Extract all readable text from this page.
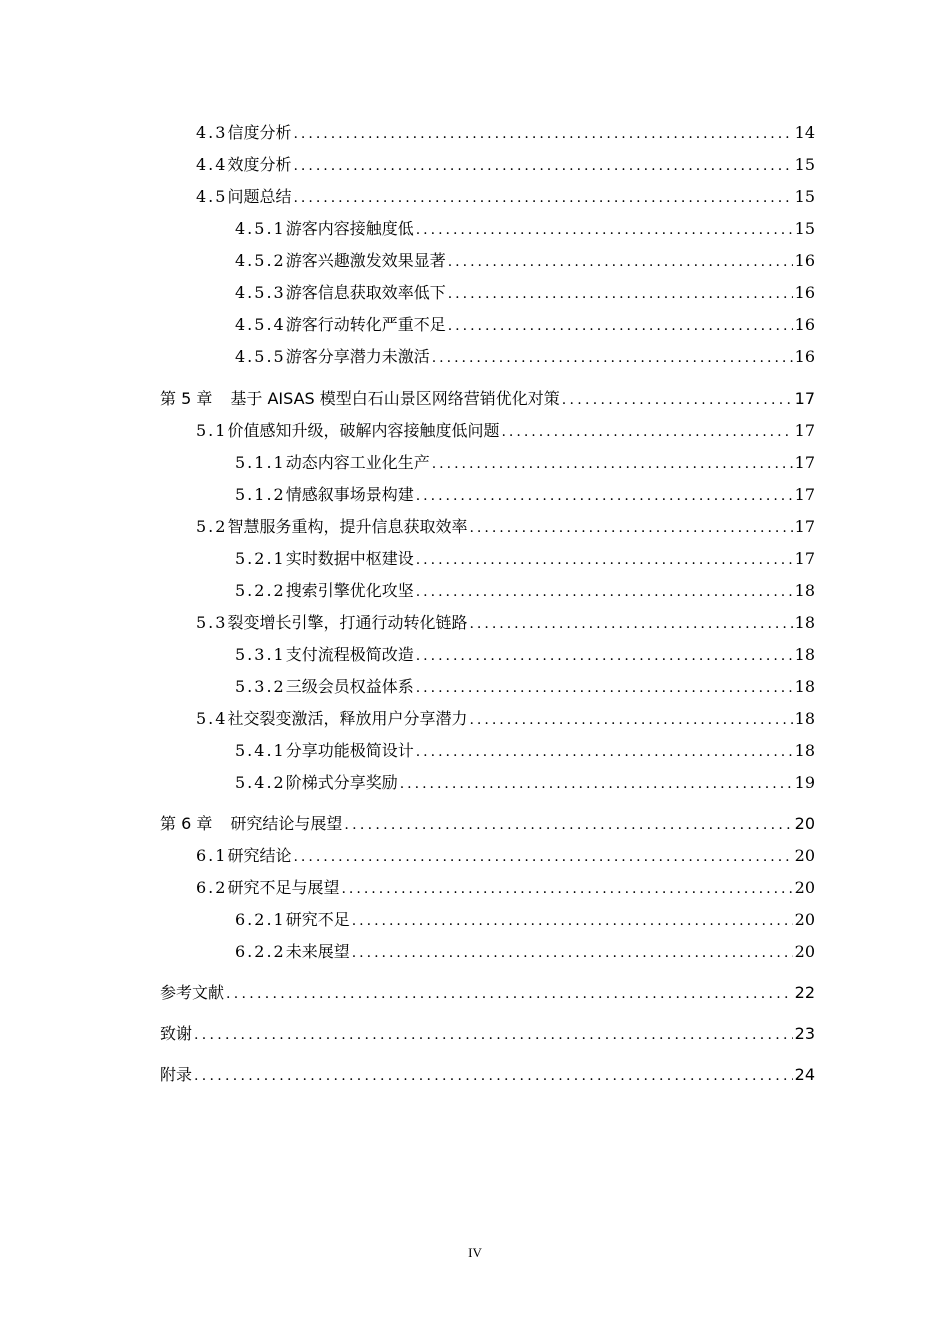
4.3 信度分析 .....	14
4.4 效度分析 .....	15
4.5 问题总结 .....	15
4.5.1 游客内容接触度低 .....	15
4.5.2 游客兴趣激发效果显著 .....	16
4.5.3 游客信息获取效率低下 .....	16
4.5.4 游客行动转化严重不足 .....	16
4.5.5 游客分享潜力未激活 .....	16
第 5 章 基于 AISAS 模型白石山景区网络营销优化对策 .....	17
5.1 价值感知升级，破解内容接触度低问题 .....	17
5.1.1 动态内容工业化生产 .....	17
5.1.2 情感叙事场景构建 .....	17
5.2 智慧服务重构，提升信息获取效率 .....	17
5.2.1 实时数据中枢建设 .....	17
5.2.2 搜索引擎优化攻坚 .....	18
5.3 裂变增长引擎，打通行动转化链路 .....	18
5.3.1 支付流程极简改造 .....	18
5.3.2 三级会员权益体系 .....	18
5.4 社交裂变激活，释放用户分享潜力 .....	18
5.4.1 分享功能极简设计 .....	18
5.4.2 阶梯式分享奖励 .....	19
第 6 章 研究结论与展望 .....	20
6.1 研究结论 .....	20
6.2 研究不足与展望 .....	20
6.2.1 研究不足 .....	20
6.2.2 未来展望 .....	20
参考文献 .....	22
致谢 .....	23
附录 .....	24
IV
